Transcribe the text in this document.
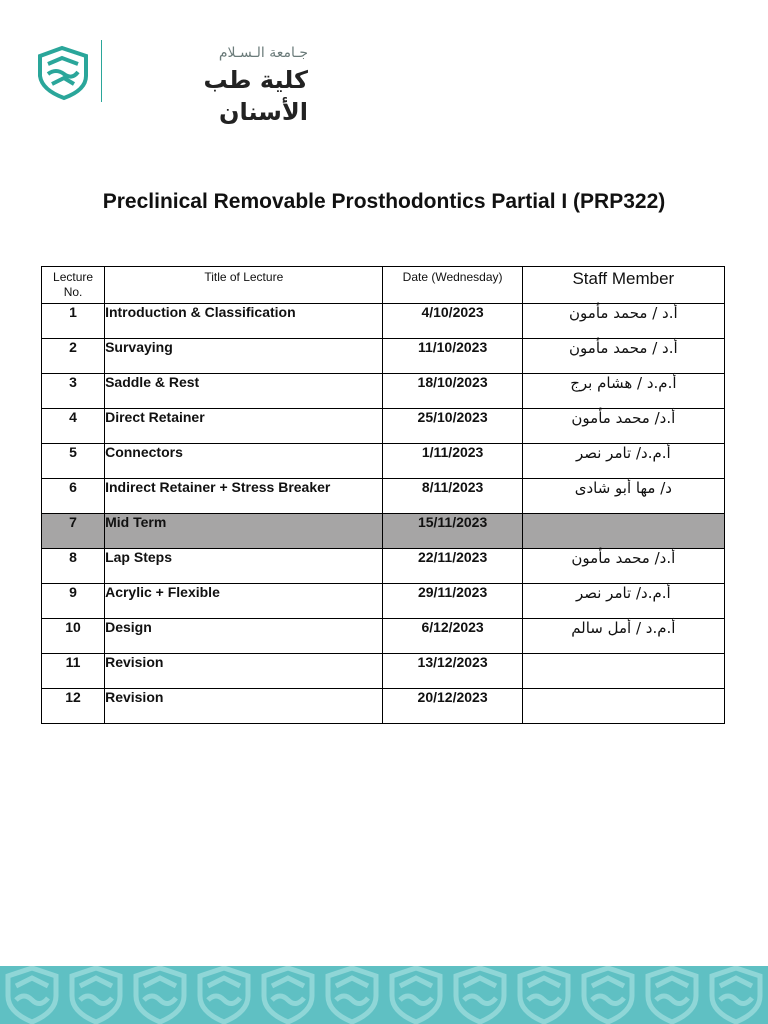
جـامعة الـسـلام
كلية طب الأسنان
Preclinical Removable Prosthodontics Partial I (PRP322)
Lecture
No.	Title of Lecture	Date (Wednesday)	Staff Member

1	Introduction & Classification	4/10/2023	أ.د / محمد مأمون
2	Survaying	11/10/2023	أ.د / محمد مأمون
3	Saddle & Rest	18/10/2023	أ.م.د / هشام برج
4	Direct Retainer	25/10/2023	أ.د/ محمد مأمون
5	Connectors	1/11/2023	أ.م.د/ تامر نصر
6	Indirect Retainer + Stress Breaker	8/11/2023	د/ مها أبو شادى
7	Mid Term	15/11/2023	
8	Lap Steps	22/11/2023	أ.د/ محمد مأمون
9	Acrylic + Flexible	29/11/2023	أ.م.د/ تامر نصر
10	Design	6/12/2023	أ.م.د / أمل سالم
11	Revision	13/12/2023	
12	Revision	20/12/2023	
